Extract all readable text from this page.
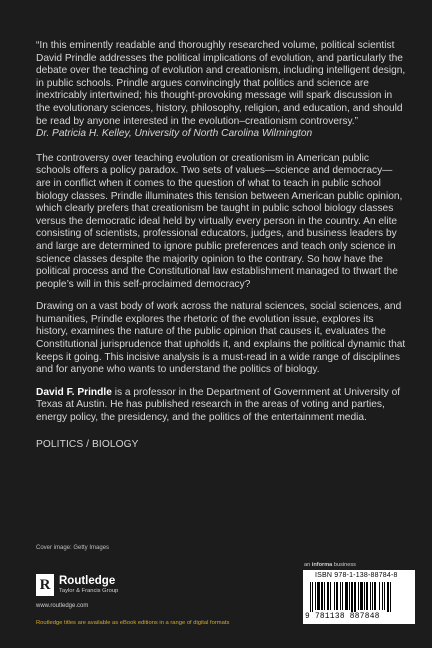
“In this eminently readable and thoroughly researched volume, political scientist David Prindle addresses the political implications of evolution, and particularly the debate over the teaching of evolution and creationism, including intelligent design, in public schools. Prindle argues convincingly that politics and science are inextricably intertwined; his thought-provoking message will spark discussion in the evolutionary sciences, history, philosophy, religion, and education, and should be read by anyone interested in the evolution–creationism controversy.”
Dr. Patricia H. Kelley, University of North Carolina Wilmington

The controversy over teaching evolution or creationism in American public schools offers a policy paradox. Two sets of values—science and democracy—are in conflict when it comes to the question of what to teach in public school biology classes. Prindle illuminates this tension between American public opinion, which clearly prefers that creationism be taught in public school biology classes versus the democratic ideal held by virtually every person in the country. An elite consisting of scientists, professional educators, judges, and business leaders by and large are determined to ignore public preferences and teach only science in science classes despite the majority opinion to the contrary. So how have the political process and the Constitutional law establishment managed to thwart the people’s will in this self-proclaimed democracy?

Drawing on a vast body of work across the natural sciences, social sciences, and humanities, Prindle explores the rhetoric of the evolution issue, explores its history, examines the nature of the public opinion that causes it, evaluates the Constitutional jurisprudence that upholds it, and explains the political dynamic that keeps it going. This incisive analysis is a must-read in a wide range of disciplines and for anyone who wants to understand the politics of biology.

David F. Prindle is a professor in the Department of Government at University of Texas at Austin. He has published research in the areas of voting and parties, energy policy, the presidency, and the politics of the entertainment media.

POLITICS / BIOLOGY
Cover image: Getty Images
an informa business
R Routledge
Taylor & Francis Group
www.routledge.com
Routledge titles are available as eBook editions in a range of digital formats
ISBN 978-1-138-88784-8
9 781138 887848
